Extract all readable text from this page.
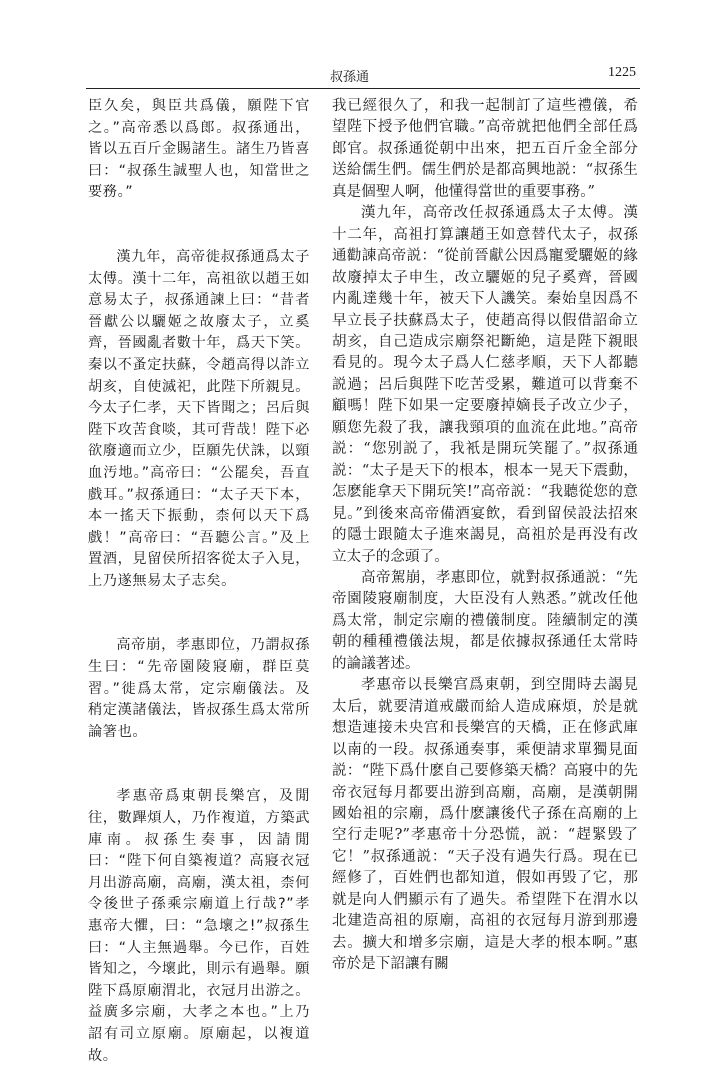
叔孫通	1225

臣久矣，與臣共爲儀，願陛下官之。”高帝悉以爲郎。叔孫通出，皆以五百斤金賜諸生。諸生乃皆喜曰：“叔孫生誠聖人也，知當世之要務。”

漢九年，高帝徙叔孫通爲太子太傅。漢十二年，高祖欲以趙王如意易太子，叔孫通諫上曰：“昔者晉獻公以驪姬之故廢太子，立奚齊，晉國亂者數十年，爲天下笑。秦以不蚤定扶蘇，令趙高得以詐立胡亥，自使滅祀，此陛下所親見。今太子仁孝，天下皆聞之；呂后與陛下攻苦食啖，其可背哉！陛下必欲廢適而立少，臣願先伏誅，以頸血汚地。”高帝曰：“公罷矣，吾直戲耳。”叔孫通曰：“太子天下本，本一搖天下振動，柰何以天下爲戲！”高帝曰：“吾聽公言。”及上置酒，見留侯所招客從太子入見，上乃遂無易太子志矣。

高帝崩，孝惠即位，乃謂叔孫生曰：“先帝園陵寢廟，群臣莫習。”徙爲太常，定宗廟儀法。及稍定漢諸儀法，皆叔孫生爲太常所論箸也。

孝惠帝爲東朝長樂宫，及閒往，數蹕煩人，乃作複道，方築武庫南。叔孫生奏事，因請閒曰：“陛下何自築複道？高寢衣冠月出游高廟，高廟，漢太祖，柰何令後世子孫乘宗廟道上行哉?”孝惠帝大懼，曰：“急壞之!”叔孫生曰：“人主無過舉。今已作，百姓皆知之，今壞此，則示有過舉。願陛下爲原廟渭北，衣冠月出游之。益廣多宗廟，大孝之本也。”上乃詔有司立原廟。原廟起，以複道故。

我已經很久了，和我一起制訂了這些禮儀，希望陛下授予他們官職。”高帝就把他們全部任爲郎官。叔孫通從朝中出來，把五百斤金全部分送給儒生們。儒生們於是都高興地説：“叔孫生真是個聖人啊，他懂得當世的重要事務。”

漢九年，高帝改任叔孫通爲太子太傅。漢十二年，高祖打算讓趙王如意替代太子，叔孫通勸諫高帝説：“從前晉獻公因爲寵愛驪姬的緣故廢掉太子申生，改立驪姬的兒子奚齊，晉國内亂達幾十年，被天下人譏笑。秦始皇因爲不早立長子扶蘇爲太子，使趙高得以假借詔命立胡亥，自己造成宗廟祭祀斷絶，這是陛下親眼看見的。現今太子爲人仁慈孝順，天下人都聽説過；呂后與陛下吃苦受累，難道可以背棄不顧嗎！陛下如果一定要廢掉嫡長子改立少子，願您先殺了我，讓我頸項的血流在此地。”高帝説：“您别説了，我衹是開玩笑罷了。”叔孫通説：“太子是天下的根本，根本一晃天下震動，怎麽能拿天下開玩笑!”高帝説：“我聽從您的意見。”到後來高帝備酒宴飲，看到留侯設法招來的隱士跟隨太子進來謁見，高祖於是再没有改立太子的念頭了。

高帝駕崩，孝惠即位，就對叔孫通説：“先帝園陵寢廟制度，大臣没有人熟悉。”就改任他爲太常，制定宗廟的禮儀制度。陸續制定的漢朝的種種禮儀法規，都是依據叔孫通任太常時的論議著述。

孝惠帝以長樂宫爲東朝，到空閒時去謁見太后，就要清道戒嚴而給人造成麻煩，於是就想造連接未央宫和長樂宫的天橋，正在修武庫以南的一段。叔孫通奏事，乘便請求單獨見面説：“陛下爲什麽自己要修築天橋？高寢中的先帝衣冠每月都要出游到高廟，高廟，是漢朝開國始祖的宗廟，爲什麽讓後代子孫在高廟的上空行走呢?”孝惠帝十分恐慌，説：“趕緊毁了它！”叔孫通説：“天子没有過失行爲。現在已經修了，百姓們也都知道，假如再毁了它，那就是向人們顯示有了過失。希望陛下在渭水以北建造高祖的原廟，高祖的衣冠每月游到那邊去。擴大和增多宗廟，這是大孝的根本啊。”惠帝於是下詔讓有關
